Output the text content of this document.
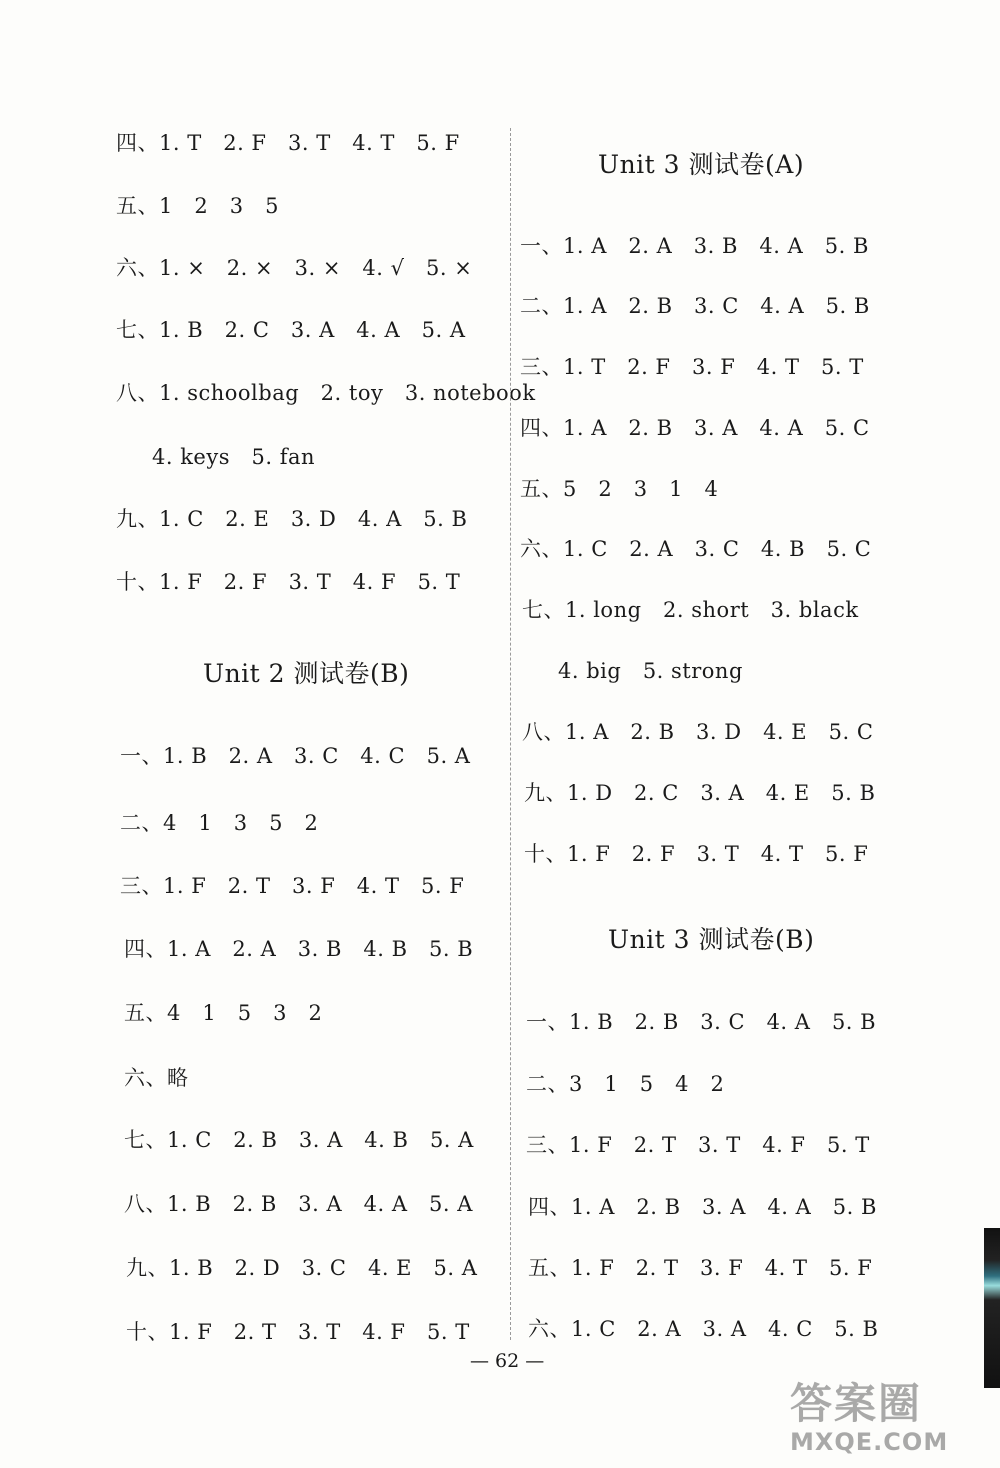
四、1. T　2. F　3. T　4. T　5. F
五、1　2　3　5
六、1. ×　2. ×　3. ×　4. √　5. ×
七、1. B　2. C　3. A　4. A　5. A
八、1. schoolbag　2. toy　3. notebook
4. keys　5. fan
九、1. C　2. E　3. D　4. A　5. B
十、1. F　2. F　3. T　4. F　5. T
Unit 2 测试卷(B)
一、1. B　2. A　3. C　4. C　5. A
二、4　1　3　5　2
三、1. F　2. T　3. F　4. T　5. F
四、1. A　2. A　3. B　4. B　5. B
五、4　1　5　3　2
六、略
七、1. C　2. B　3. A　4. B　5. A
八、1. B　2. B　3. A　4. A　5. A
九、1. B　2. D　3. C　4. E　5. A
十、1. F　2. T　3. T　4. F　5. T
Unit 3 测试卷(A)
一、1. A　2. A　3. B　4. A　5. B
二、1. A　2. B　3. C　4. A　5. B
三、1. T　2. F　3. F　4. T　5. T
四、1. A　2. B　3. A　4. A　5. C
五、5　2　3　1　4
六、1. C　2. A　3. C　4. B　5. C
七、1. long　2. short　3. black
4. big　5. strong
八、1. A　2. B　3. D　4. E　5. C
九、1. D　2. C　3. A　4. E　5. B
十、1. F　2. F　3. T　4. T　5. F
Unit 3 测试卷(B)
一、1. B　2. B　3. C　4. A　5. B
二、3　1　5　4　2
三、1. F　2. T　3. T　4. F　5. T
四、1. A　2. B　3. A　4. A　5. B
五、1. F　2. T　3. F　4. T　5. F
六、1. C　2. A　3. A　4. C　5. B
— 62 —
答案圈
MXQE.COM
